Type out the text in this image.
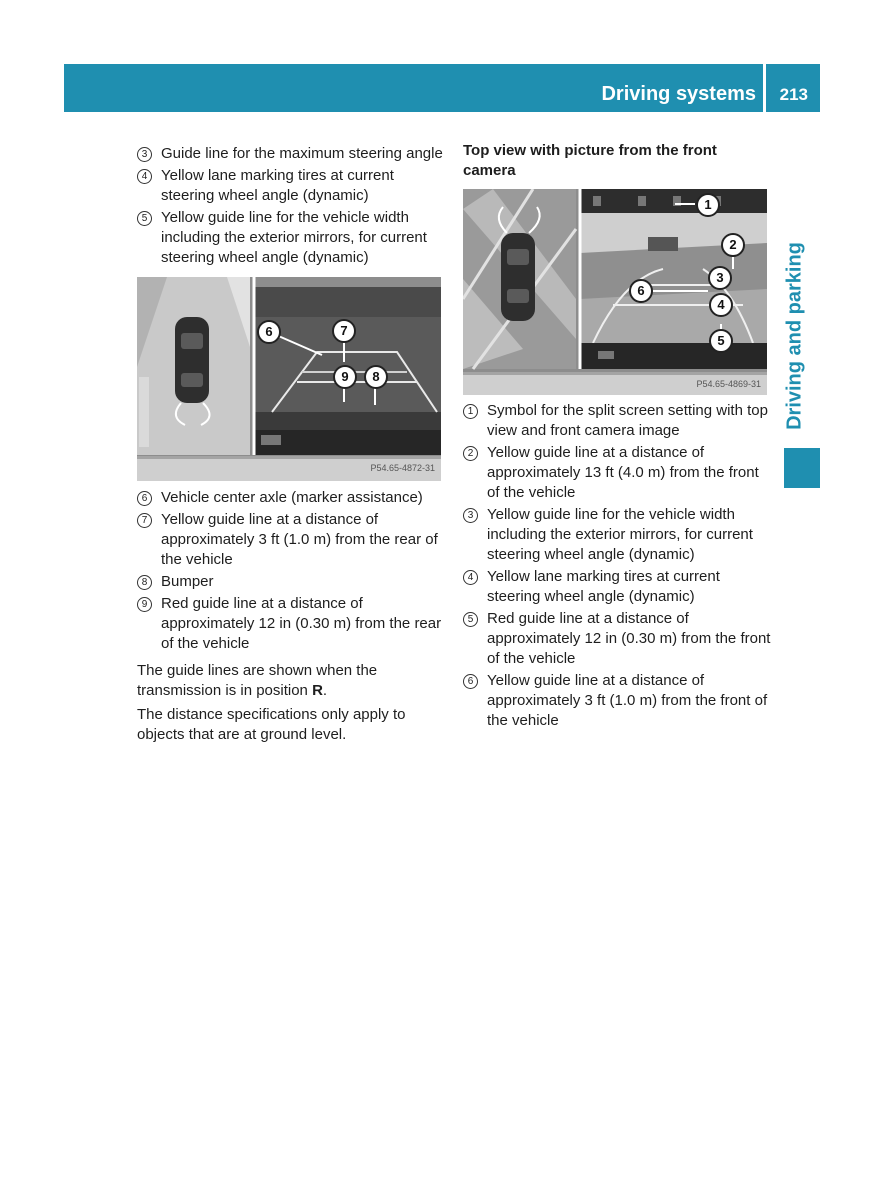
Driving systems 213
Driving and parking
3 Guide line for the maximum steering angle
4 Yellow lane marking tires at current steering wheel angle (dynamic)
5 Yellow guide line for the vehicle width including the exterior mirrors, for current steering wheel angle (dynamic)
6	7
9	8
P54.65-4872-31
6 Vehicle center axle (marker assistance)
7 Yellow guide line at a distance of approximately 3 ft (1.0 m) from the rear of the vehicle
8 Bumper
9 Red guide line at a distance of approximately 12 in (0.30 m) from the rear of the vehicle

The guide lines are shown when the transmission is in position R.

The distance specifications only apply to objects that are at ground level.

Top view with picture from the front camera
1
2
3
6
4
5
P54.65-4869-31
1 Symbol for the split screen setting with top view and front camera image
2 Yellow guide line at a distance of approximately 13 ft (4.0 m) from the front of the vehicle
3 Yellow guide line for the vehicle width including the exterior mirrors, for current steering wheel angle (dynamic)
4 Yellow lane marking tires at current steering wheel angle (dynamic)
5 Red guide line at a distance of approximately 12 in (0.30 m) from the front of the vehicle
6 Yellow guide line at a distance of approximately 3 ft (1.0 m) from the front of the vehicle
